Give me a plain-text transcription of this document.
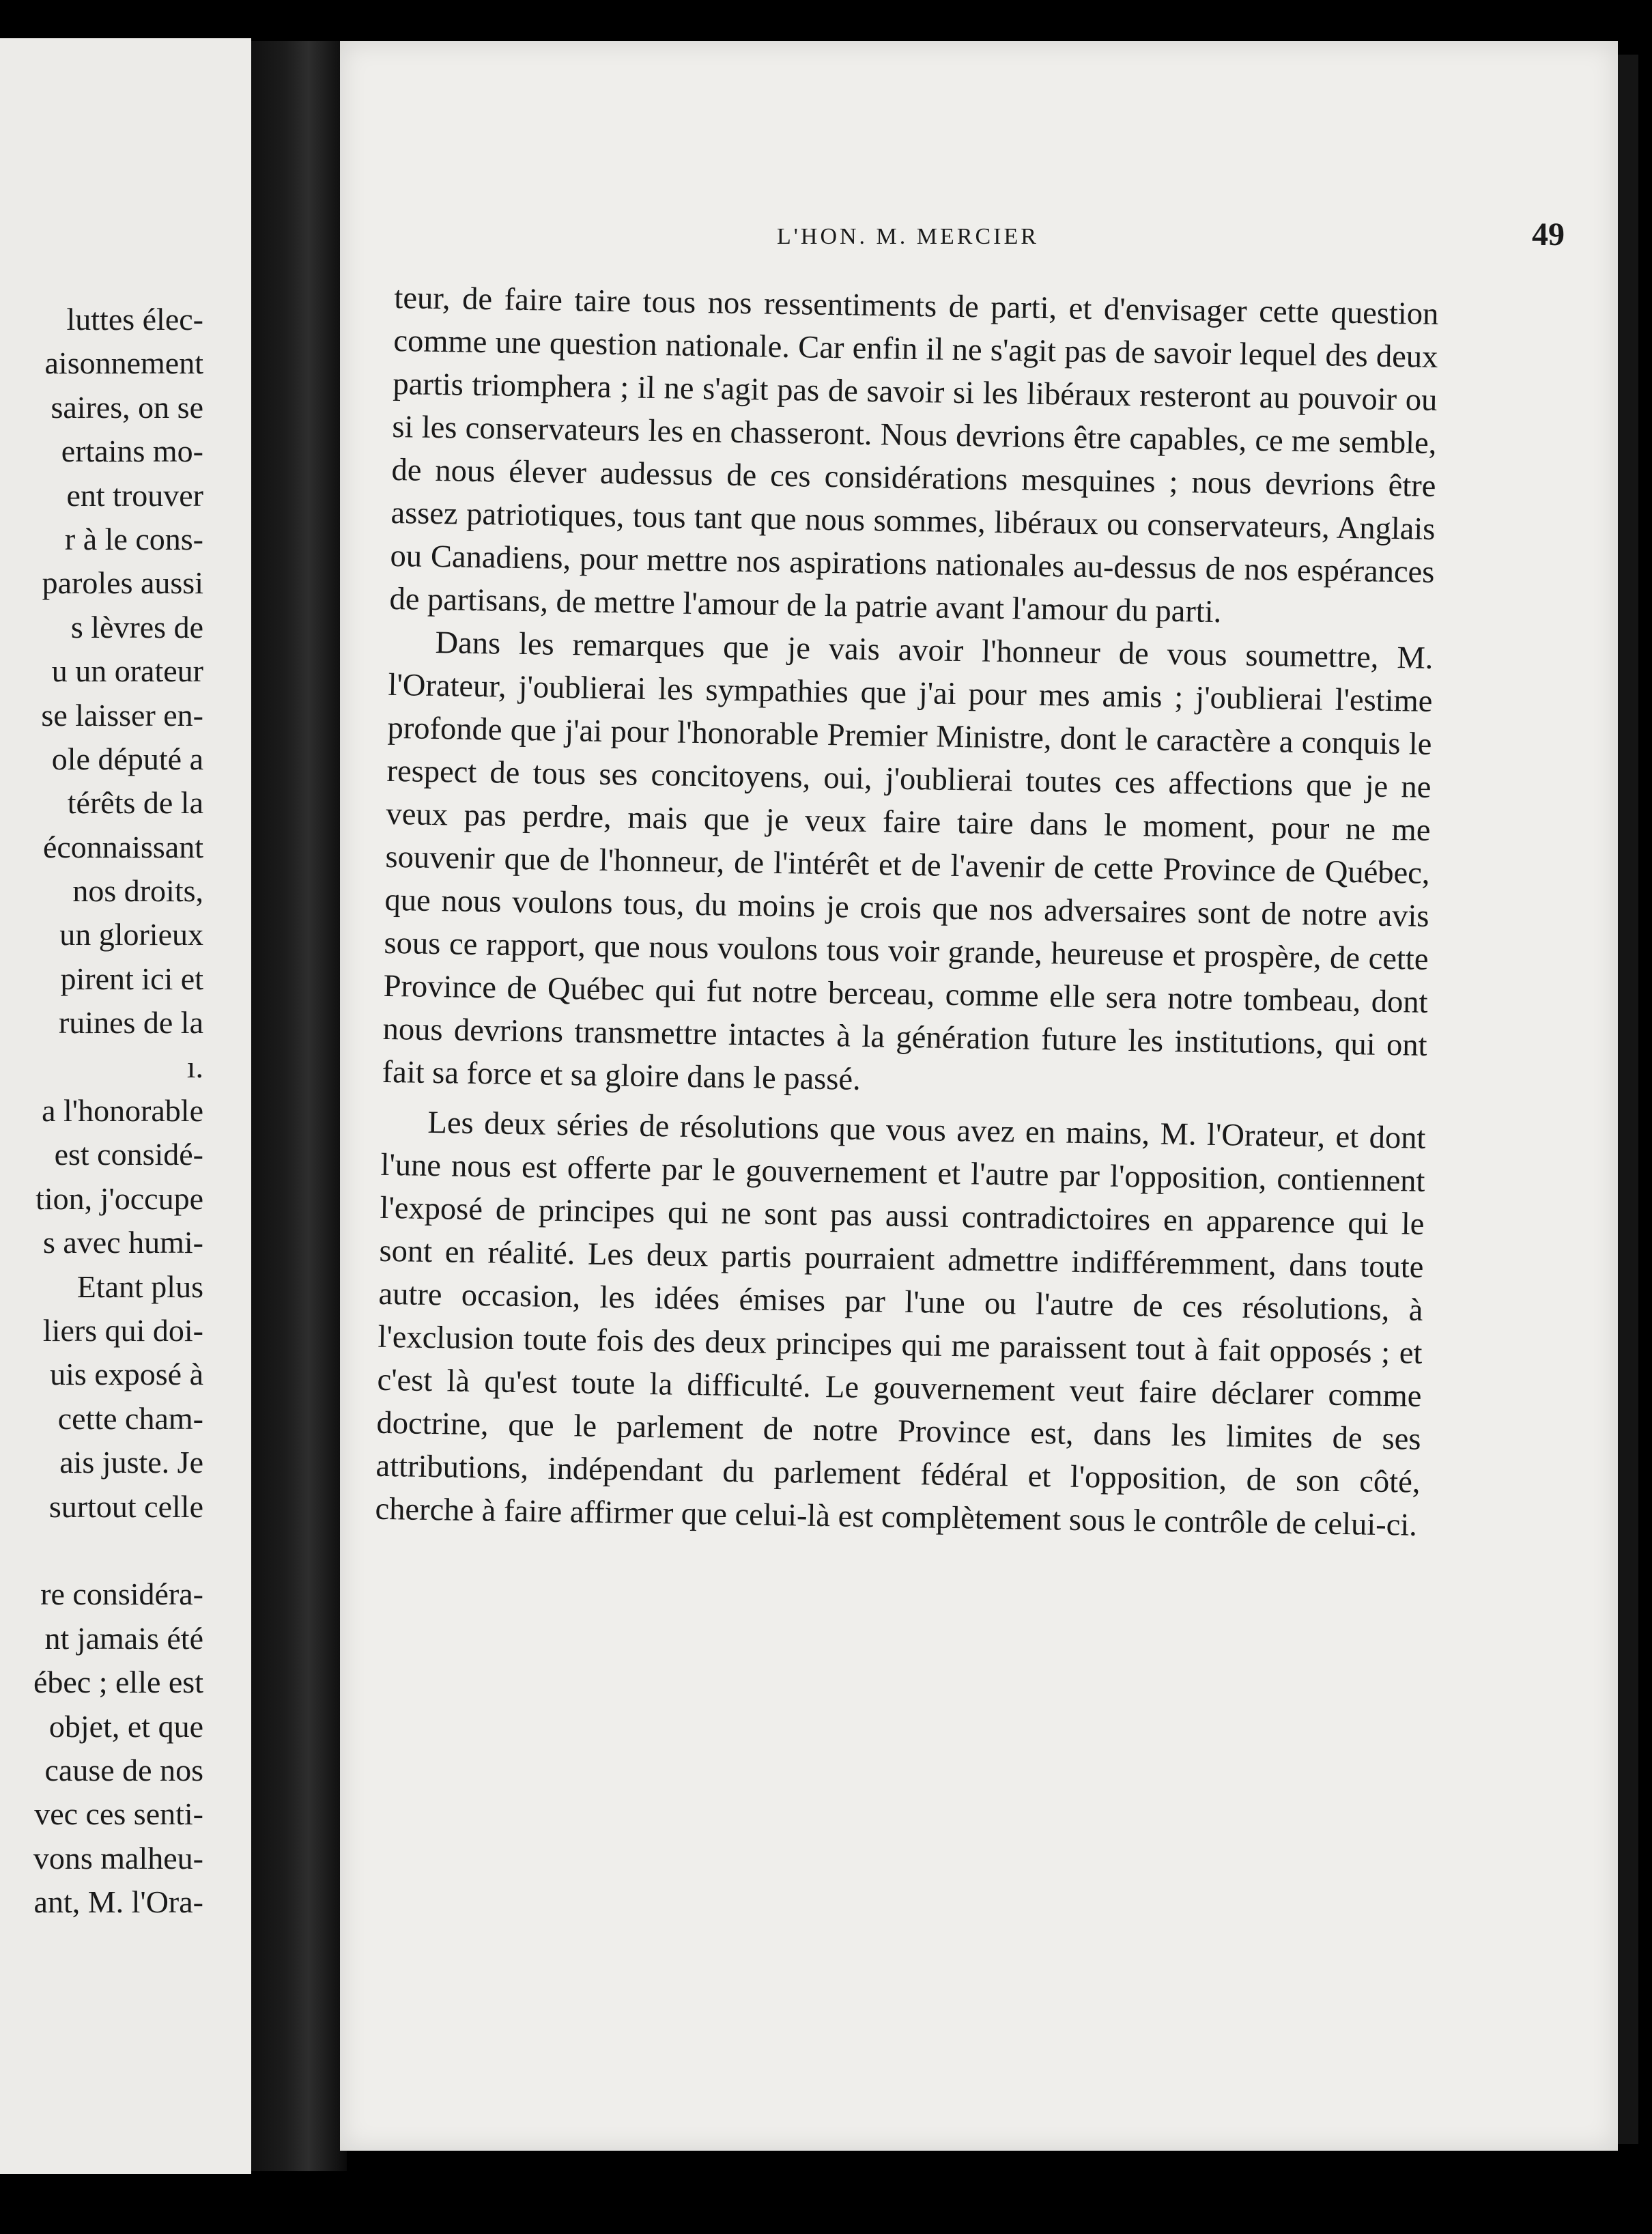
luttes élec-
aisonnement
saires, on se
ertains mo-
ent trouver
r à le cons-
paroles aussi
s lèvres de
u un orateur
se laisser en-
ole député a
térêts de la
éconnaissant
nos droits,
un glorieux
pirent ici et
ruines de la
ı.
a l'honorable
est considé-
tion, j'occupe
s avec humi-
Etant plus
liers qui doi-
uis exposé à
cette cham-
ais juste. Je
surtout celle
re considéra-
nt jamais été
ébec ; elle est
objet, et que
cause de nos
vec ces senti-
vons malheu-
ant, M. l'Ora-
L'HON. M. MERCIER	49

teur, de faire taire tous nos ressentiments de parti, et d'envisager cette question comme une question nationale. Car enfin il ne s'agit pas de savoir lequel des deux partis triomphera ; il ne s'agit pas de savoir si les libéraux resteront au pouvoir ou si les conservateurs les en chasseront. Nous devrions être capables, ce me semble, de nous élever audessus de ces considérations mesquines ; nous devrions être assez patriotiques, tous tant que nous sommes, libéraux ou conservateurs, Anglais ou Canadiens, pour mettre nos aspirations nationales au-dessus de nos espérances de partisans, de mettre l'amour de la patrie avant l'amour du parti.

Dans les remarques que je vais avoir l'honneur de vous soumettre, M. l'Orateur, j'oublierai les sympathies que j'ai pour mes amis ; j'oublierai l'estime profonde que j'ai pour l'honorable Premier Ministre, dont le caractère a conquis le respect de tous ses concitoyens, oui, j'oublierai toutes ces affections que je ne veux pas perdre, mais que je veux faire taire dans le moment, pour ne me souvenir que de l'honneur, de l'intérêt et de l'avenir de cette Province de Québec, que nous voulons tous, du moins je crois que nos adversaires sont de notre avis sous ce rapport, que nous voulons tous voir grande, heureuse et prospère, de cette Province de Québec qui fut notre berceau, comme elle sera notre tombeau, dont nous devrions transmettre intactes à la génération future les institutions, qui ont fait sa force et sa gloire dans le passé.

Les deux séries de résolutions que vous avez en mains, M. l'Orateur, et dont l'une nous est offerte par le gouvernement et l'autre par l'opposition, contiennent l'exposé de principes qui ne sont pas aussi contradictoires en apparence qui le sont en réalité. Les deux partis pourraient admettre indifféremment, dans toute autre occasion, les idées émises par l'une ou l'autre de ces résolutions, à l'exclusion toute fois des deux principes qui me paraissent tout à fait opposés ; et c'est là qu'est toute la difficulté. Le gouvernement veut faire déclarer comme doctrine, que le parlement de notre Province est, dans les limites de ses attributions, indépendant du parlement fédéral et l'opposition, de son côté, cherche à faire affirmer que celui-là est complètement sous le contrôle de celui-ci.
